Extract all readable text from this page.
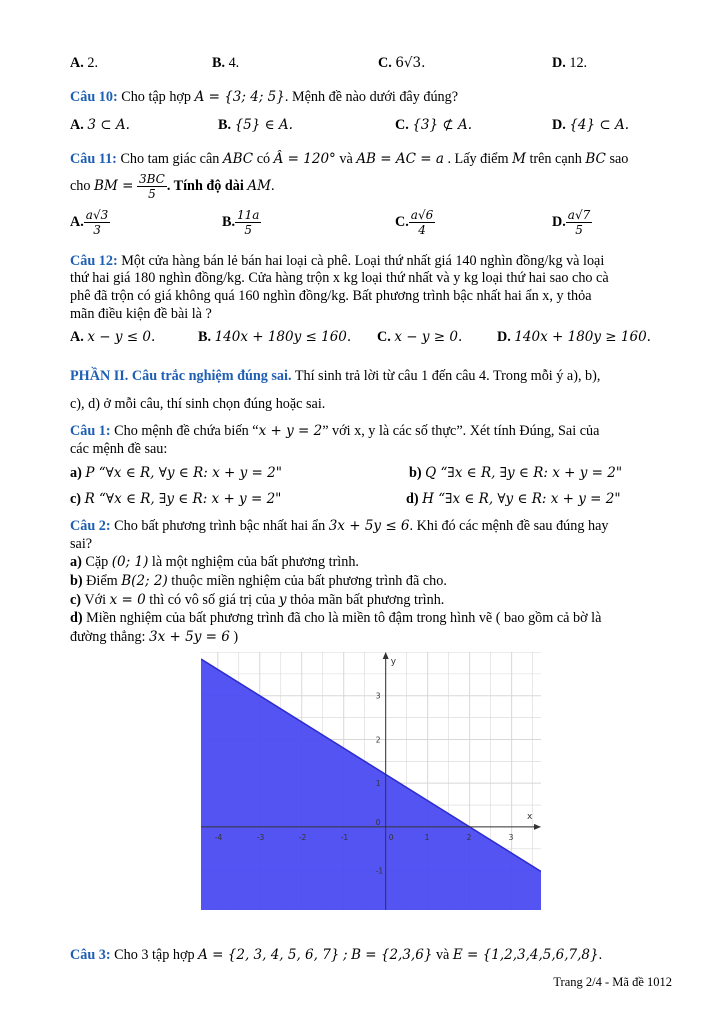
A. 2.	B. 4.	C. 6√3.	D. 12.
Câu 10: Cho tập hợp A = {3; 4; 5}. Mệnh đề nào dưới đây đúng?
A. 3 ⊂ A.	B. {5} ∈ A.	C. {3} ⊄ A.	D. {4} ⊂ A.
Câu 11: Cho tam giác cân ABC có Â = 120° và AB = AC = a . Lấy điểm M trên cạnh BC sao
cho BM = $\frac{3BC}{5}$ . Tính độ dài AM.
A. $\frac{a√3}{3}$	B. $\frac{11a}{5}$	C. $\frac{a√6}{4}$	D. $\frac{a√7}{5}$
Câu 12: Một cửa hàng bán lẻ bán hai loại cà phê. Loại thứ nhất giá 140 nghìn đồng/kg và loại
thứ hai giá 180 nghìn đồng/kg. Cửa hàng trộn x kg loại thứ nhất và y kg loại thứ hai sao cho cà
phê đã trộn có giá không quá 160 nghìn đồng/kg. Bất phương trình bậc nhất hai ẩn x, y thỏa
mãn điều kiện đề bài là ?
A. x − y ≤ 0.	B. 140x + 180y ≤ 160. C. x − y ≥ 0. D. 140x + 180y ≥ 160.
PHẦN II. Câu trắc nghiệm đúng sai. Thí sinh trả lời từ câu 1 đến câu 4. Trong mỗi ý a), b),
c), d) ở mỗi câu, thí sinh chọn đúng hoặc sai.
Câu 1: Cho mệnh đề chứa biến “x + y = 2” với x, y là các số thực”. Xét tính Đúng, Sai của
các mệnh đề sau:
a) P “∀x ∈ R, ∀y ∈ R: x + y = 2"	b) Q “∃x ∈ R, ∃y ∈ R: x + y = 2"
c) R “∀x ∈ R, ∃y ∈ R: x + y = 2"	d) H “∃x ∈ R, ∀y ∈ R: x + y = 2"
Câu 2: Cho bất phương trình bậc nhất hai ẩn 3x + 5y ≤ 6. Khi đó các mệnh đề sau đúng hay
sai?
a) Cặp (0; 1) là một nghiệm của bất phương trình.
b) Điểm B(2; 2) thuộc miền nghiệm của bất phương trình đã cho.
c) Với x = 0 thì có vô số giá trị của y thỏa mãn bất phương trình.
d) Miền nghiệm của bất phương trình đã cho là miền tô đậm trong hình vẽ ( bao gồm cả bờ là
đường thẳng: 3x + 5y = 6 )
x
y
-4	-3	-2	-1	0	1	2	3
3
2
1
0
-1
Câu 3: Cho 3 tập hợp A = {2, 3, 4, 5, 6, 7} ; B = {2,3,6} và E = {1,2,3,4,5,6,7,8}.
Trang 2/4 - Mã đề 1012
